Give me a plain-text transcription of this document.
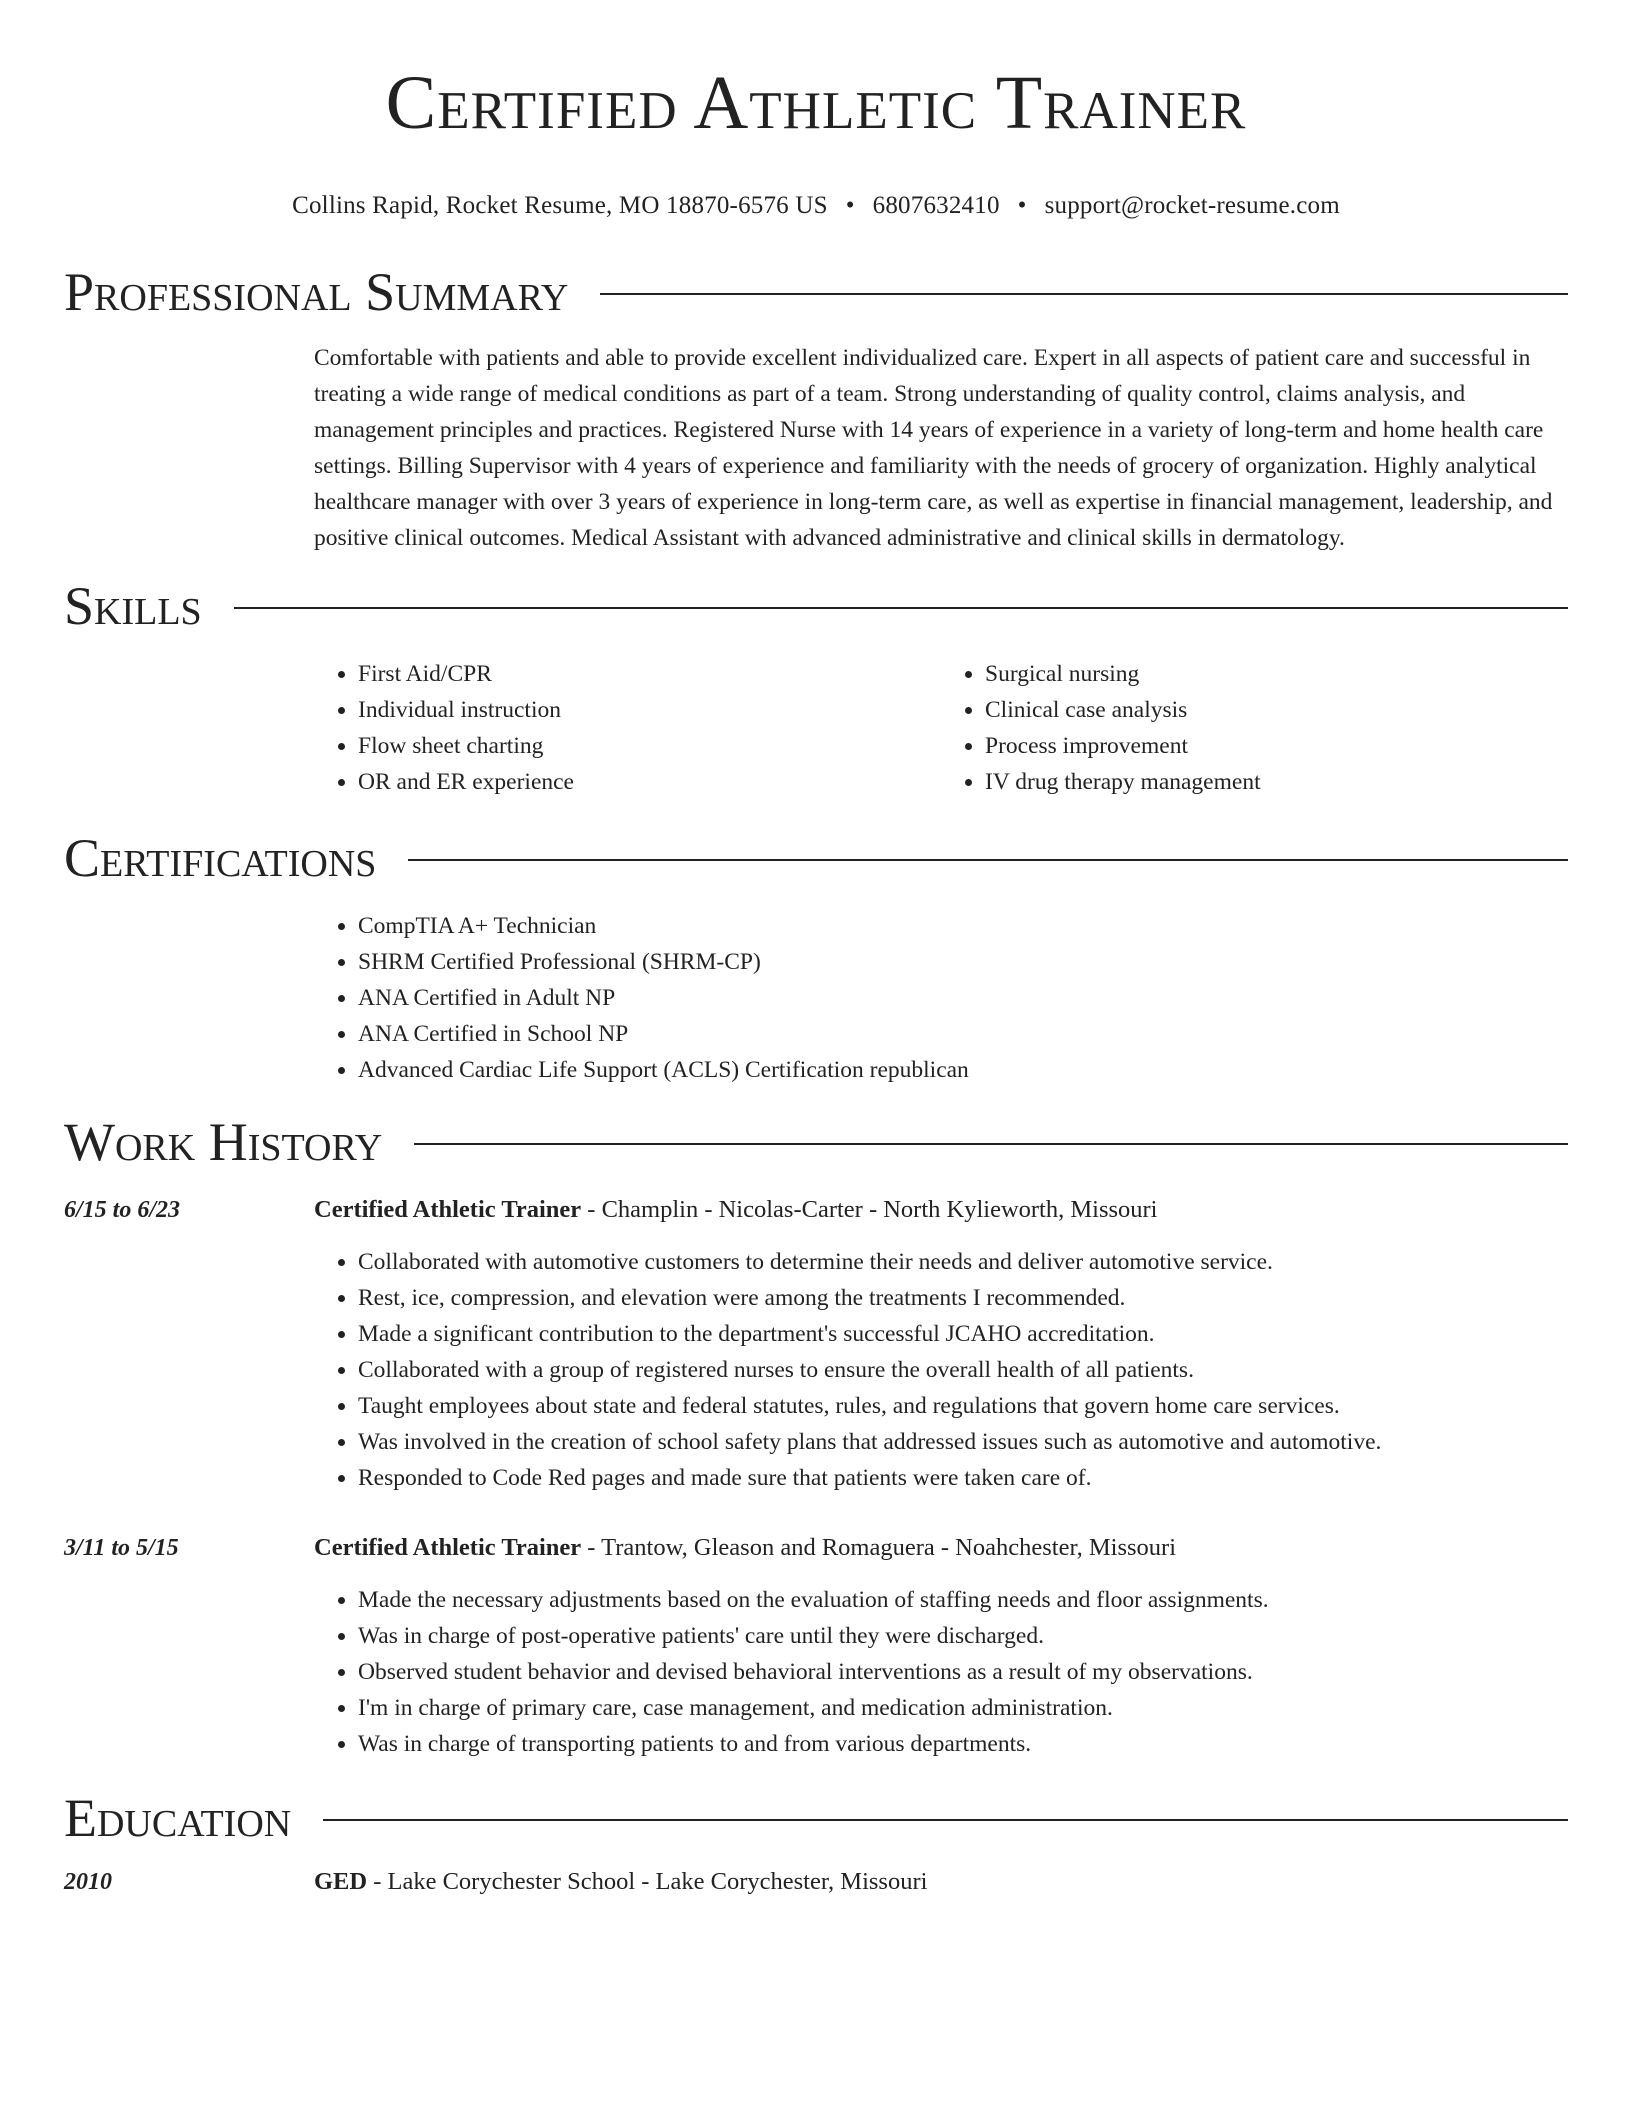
Certified Athletic Trainer
Collins Rapid, Rocket Resume, MO 18870-6576 US • 6807632410 • support@rocket-resume.com
Professional Summary

Comfortable with patients and able to provide excellent individualized care. Expert in all aspects of patient care and successful in treating a wide range of medical conditions as part of a team. Strong understanding of quality control, claims analysis, and management principles and practices. Registered Nurse with 14 years of experience in a variety of long-term and home health care settings. Billing Supervisor with 4 years of experience and familiarity with the needs of grocery of organization. Highly analytical healthcare manager with over 3 years of experience in long-term care, as well as expertise in financial management, leadership, and positive clinical outcomes. Medical Assistant with advanced administrative and clinical skills in dermatology.

Skills
• First Aid/CPR
• Individual instruction
• Flow sheet charting
• OR and ER experience
• Surgical nursing
• Clinical case analysis
• Process improvement
• IV drug therapy management
Certifications
• CompTIA A+ Technician
• SHRM Certified Professional (SHRM-CP)
• ANA Certified in Adult NP
• ANA Certified in School NP
• Advanced Cardiac Life Support (ACLS) Certification republican
Work History
6/15 to 6/23	Certified Athletic Trainer - Champlin - Nicolas-Carter - North Kylieworth, Missouri
• Collaborated with automotive customers to determine their needs and deliver automotive service.
• Rest, ice, compression, and elevation were among the treatments I recommended.
• Made a significant contribution to the department's successful JCAHO accreditation.
• Collaborated with a group of registered nurses to ensure the overall health of all patients.
• Taught employees about state and federal statutes, rules, and regulations that govern home care services.
• Was involved in the creation of school safety plans that addressed issues such as automotive and automotive.
• Responded to Code Red pages and made sure that patients were taken care of.
3/11 to 5/15	Certified Athletic Trainer - Trantow, Gleason and Romaguera - Noahchester, Missouri
• Made the necessary adjustments based on the evaluation of staffing needs and floor assignments.
• Was in charge of post-operative patients' care until they were discharged.
• Observed student behavior and devised behavioral interventions as a result of my observations.
• I'm in charge of primary care, case management, and medication administration.
• Was in charge of transporting patients to and from various departments.
Education
2010	GED - Lake Corychester School - Lake Corychester, Missouri
